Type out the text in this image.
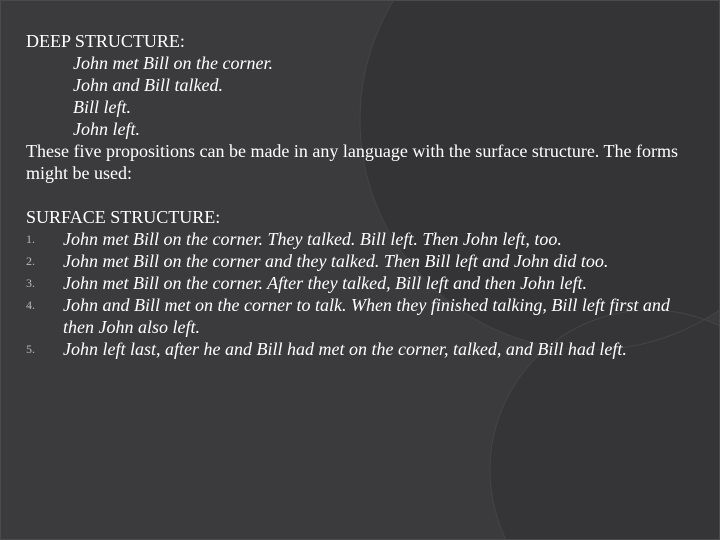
DEEP STRUCTURE:
John met Bill on the corner.
John and Bill talked.
Bill left.
John left.
These five propositions can be made in any language with the surface structure. The forms might be used:
SURFACE STRUCTURE:
1. John met Bill on the corner. They talked. Bill left. Then John left, too.
2. John met Bill on the corner and they talked. Then Bill left and John did too.
3. John met Bill on the corner. After they talked, Bill left and then John left.
4. John and Bill met on the corner to talk. When they finished talking, Bill left first and then John also left.
5. John left last, after he and Bill had met on the corner, talked, and Bill had left.
